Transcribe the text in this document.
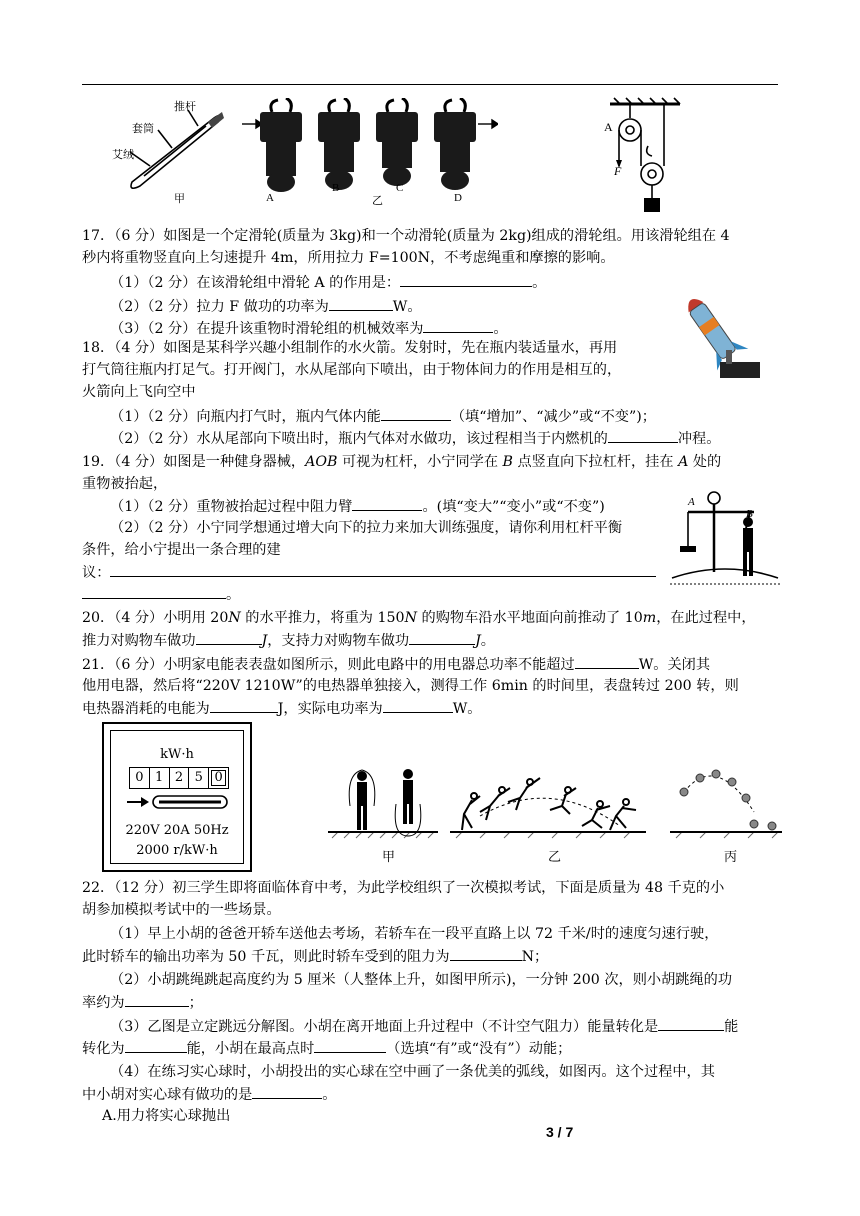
推杆
套筒
艾绒
甲	A
B
乙
C
D
A
F
17．（6 分）如图是一个定滑轮(质量为 3kg)和一个动滑轮(质量为 2kg)组成的滑轮组。用该滑轮组在 4
秒内将重物竖直向上匀速提升 4m，所用拉力 F=100N，不考虑绳重和摩擦的影响。
（1）（2 分）在该滑轮组中滑轮 A 的作用是：	。
（2）（2 分）拉力 F 做功的功率为	W。
（3）（2 分）在提升该重物时滑轮组的机械效率为	。
18．（4 分）如图是某科学兴趣小组制作的水火箭。发射时，先在瓶内装适量水，再用
打气筒往瓶内打足气。打开阀门，水从尾部向下喷出，由于物体间力的作用是相互的，
火箭向上飞向空中
（1）（2 分）向瓶内打气时，瓶内气体内能	（填“增加”、“减少”或“不变”)；
（2）（2 分）水从尾部向下喷出时，瓶内气体对水做功，该过程相当于内燃机的	冲程。
19．（4 分）如图是一种健身器械，AOB 可视为杠杆，小宁同学在 B 点竖直向下拉杠杆，挂在 A 处的
重物被抬起，
（1）（2 分）重物被抬起过程中阻力臂	。(填“变大”“变小”或“不变”)
（2）（2 分）小宁同学想通过增大向下的拉力来加大训练强度，请你利用杠杆平衡
条件，给小宁提出一条合理的建
议：
。
A
B
20．（4 分）小明用 20N 的水平推力，将重为 150N 的购物车沿水平地面向前推动了 10m，在此过程中，
推力对购物车做功	J，支持力对购物车做功	J。
21．（6 分）小明家电能表表盘如图所示，则此电路中的用电器总功率不能超过	W。关闭其
他用电器，然后将“220V 1210W”的电热器单独接入，测得工作 6min 的时间里，表盘转过 200 转，则
电热器消耗的电能为	J，实际电功率为	W。
kW·h
0 1 2 5 0
220V 20A 50Hz
2000 r/kW·h	甲	乙	丙
22．（12 分）初三学生即将面临体育中考，为此学校组织了一次模拟考试，下面是质量为 48 千克的小
胡参加模拟考试中的一些场景。
（1）早上小胡的爸爸开轿车送他去考场，若轿车在一段平直路上以 72 千米/时的速度匀速行驶，
此时轿车的输出功率为 50 千瓦，则此时轿车受到的阻力为	N；
（2）小胡跳绳跳起高度约为 5 厘米（人整体上升，如图甲所示)，一分钟 200 次，则小胡跳绳的功
率约为	；
（3）乙图是立定跳远分解图。小胡在离开地面上升过程中（不计空气阻力）能量转化是	能
转化为	能，小胡在最高点时	（选填“有”或“没有”）动能；
（4）在练习实心球时，小胡投出的实心球在空中画了一条优美的弧线，如图丙。这个过程中，其
中小胡对实心球有做功的是	。
A.用力将实心球抛出
3 / 7
